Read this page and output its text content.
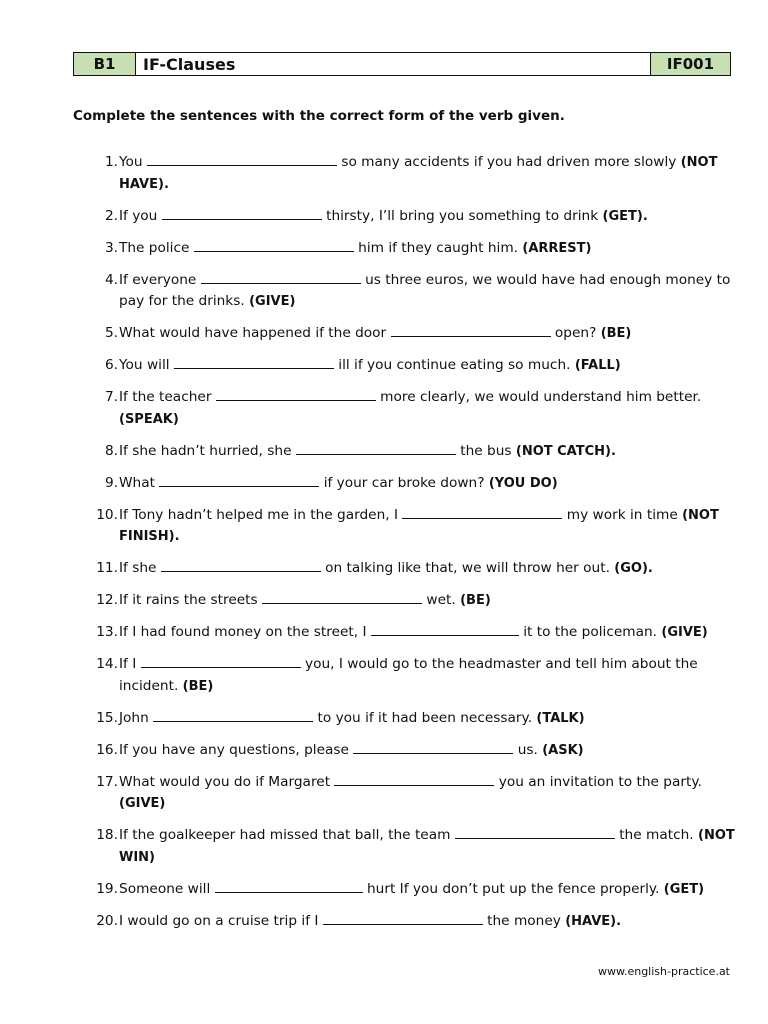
B1	IF-Clauses	IF001
Complete the sentences with the correct form of the verb given.
1. You	so many accidents if you had driven more slowly (NOT HAVE).
2. If you	thirsty, I’ll bring you something to drink (GET).
3. The police	him if they caught him. (ARREST)
4. If everyone	us three euros, we would have had enough money to pay for the drinks. (GIVE)
5. What would have happened if the door	open? (BE)
6. You will	ill if you continue eating so much. (FALL)
7. If the teacher	more clearly, we would understand him better. (SPEAK)
8. If she hadn’t hurried, she	the bus (NOT CATCH).
9. What	if your car broke down? (YOU DO)
10. If Tony hadn’t helped me in the garden, I	my work in time (NOT FINISH).
11. If she	on talking like that, we will throw her out. (GO).
12. If it rains the streets	wet. (BE)
13. If I had found money on the street, I	it to the policeman. (GIVE)
14. If I	you, I would go to the headmaster and tell him about the incident. (BE)
15. John	to you if it had been necessary. (TALK)
16. If you have any questions, please	us. (ASK)
17. What would you do if Margaret	you an invitation to the party. (GIVE)
18. If the goalkeeper had missed that ball, the team	the match. (NOT WIN)
19. Someone will	hurt If you don’t put up the fence properly. (GET)
20. I would go on a cruise trip if I	the money (HAVE).
www.english-practice.at
